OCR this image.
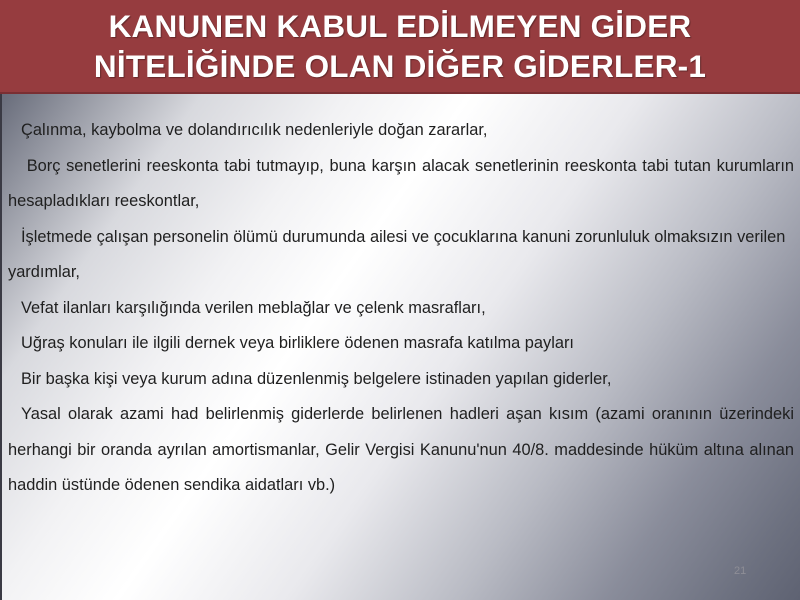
KANUNEN KABUL EDİLMEYEN GİDER
NİTELİĞİNDE OLAN DİĞER GİDERLER-1

Çalınma, kaybolma ve dolandırıcılık nedenleriyle doğan zararlar,

Borç senetlerini reeskonta tabi tutmayıp, buna karşın alacak senetlerinin reeskonta tabi tutan kurumların hesapladıkları reeskontlar,

İşletmede çalışan personelin ölümü durumunda ailesi ve çocuklarına kanuni zorunluluk olmaksızın verilen yardımlar,

Vefat ilanları karşılığında verilen meblağlar ve çelenk masrafları,

Uğraş konuları ile ilgili dernek veya birliklere ödenen masrafa katılma payları

Bir başka kişi veya kurum adına düzenlenmiş belgelere istinaden yapılan giderler,

Yasal olarak azami had belirlenmiş giderlerde belirlenen hadleri aşan kısım (azami oranının üzerindeki herhangi bir oranda ayrılan amortismanlar, Gelir Vergisi Kanunu'nun 40/8. maddesinde hüküm altına alınan haddin üstünde ödenen sendika aidatları vb.)

21
